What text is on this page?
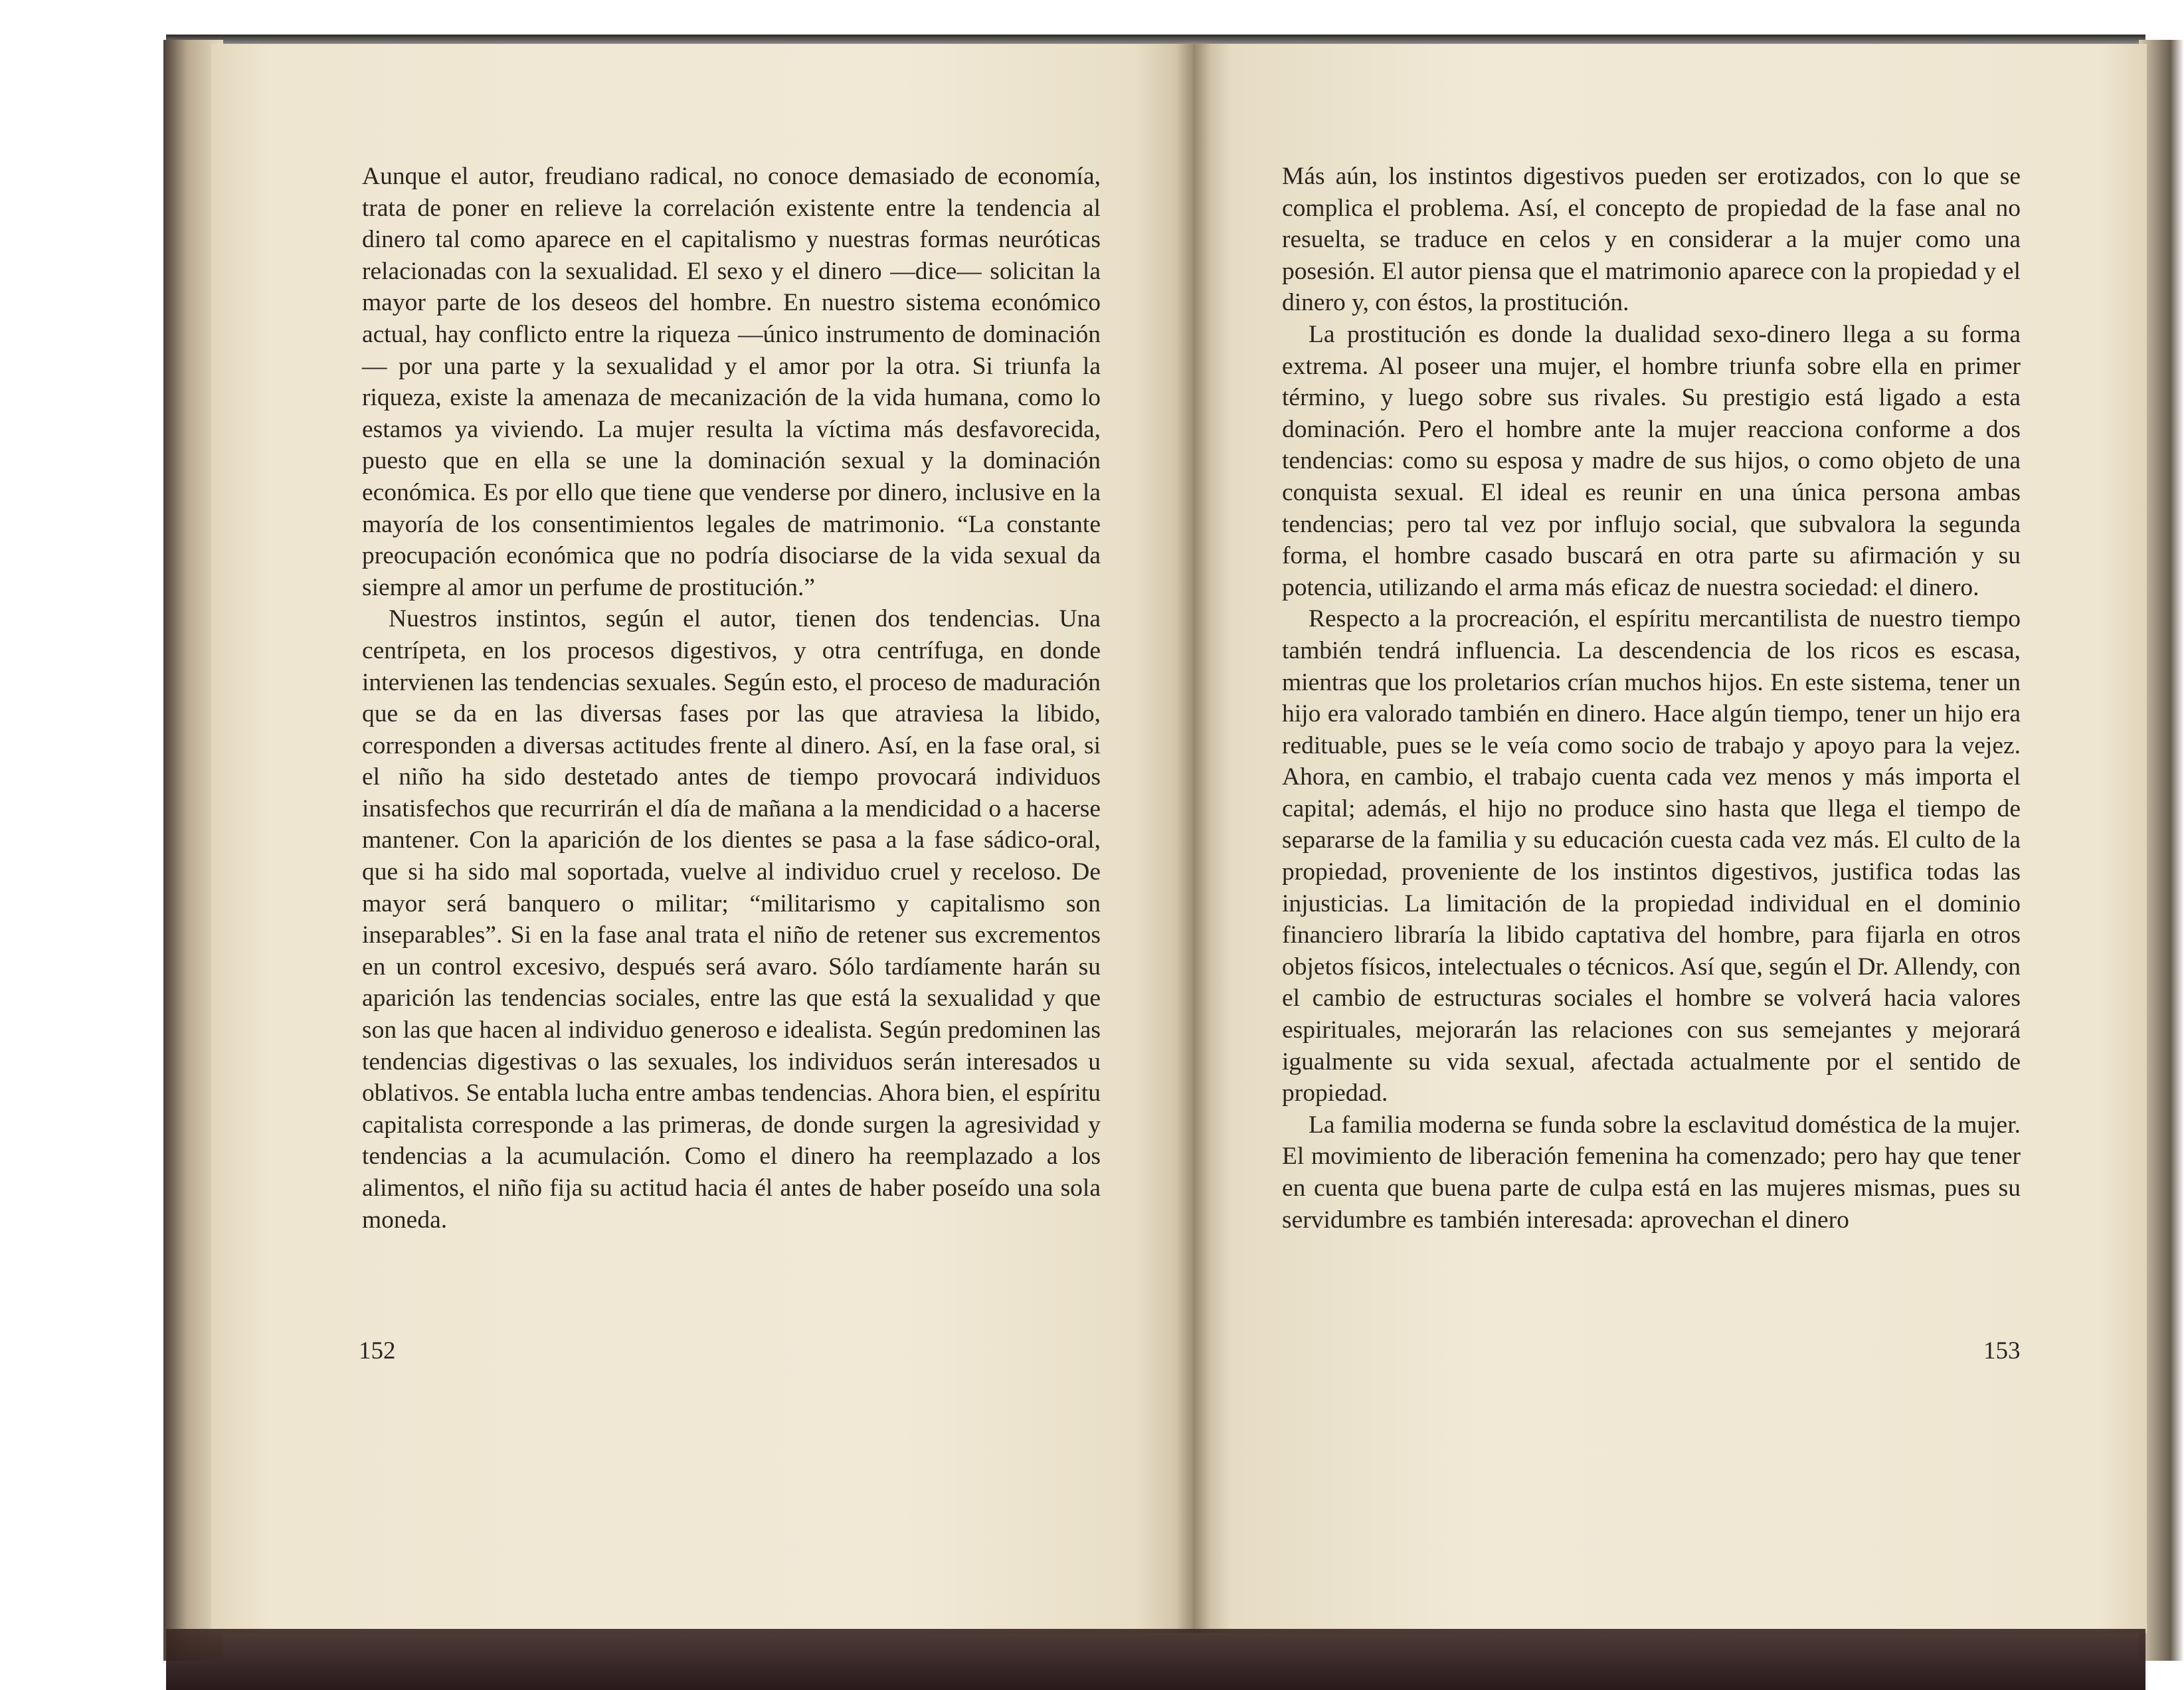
Aunque el autor, freudiano radical, no conoce demasiado de economía, trata de poner en relieve la correlación existente entre la tendencia al dinero tal como aparece en el capitalismo y nuestras formas neuróticas relacionadas con la sexualidad. El sexo y el dinero —dice— solicitan la mayor parte de los deseos del hombre. En nuestro sistema económico actual, hay conflicto entre la riqueza —único instrumento de dominación— por una parte y la sexualidad y el amor por la otra. Si triunfa la riqueza, existe la amenaza de mecanización de la vida humana, como lo estamos ya viviendo. La mujer resulta la víctima más desfavorecida, puesto que en ella se une la dominación sexual y la dominación económica. Es por ello que tiene que venderse por dinero, inclusive en la mayoría de los consentimientos legales de matrimonio. “La constante preocupación económica que no podría disociarse de la vida sexual da siempre al amor un perfume de prostitución.”

Nuestros instintos, según el autor, tienen dos tendencias. Una centrípeta, en los procesos digestivos, y otra centrífuga, en donde intervienen las tendencias sexuales. Según esto, el proceso de maduración que se da en las diversas fases por las que atraviesa la libido, corresponden a diversas actitudes frente al dinero. Así, en la fase oral, si el niño ha sido destetado antes de tiempo provocará individuos insatisfechos que recurrirán el día de mañana a la mendicidad o a hacerse mantener. Con la aparición de los dientes se pasa a la fase sádico-oral, que si ha sido mal soportada, vuelve al individuo cruel y receloso. De mayor será banquero o militar; “militarismo y capitalismo son inseparables”. Si en la fase anal trata el niño de retener sus excrementos en un control excesivo, después será avaro. Sólo tardíamente harán su aparición las tendencias sociales, entre las que está la sexualidad y que son las que hacen al individuo generoso e idealista. Según predominen las tendencias digestivas o las sexuales, los individuos serán interesados u oblativos. Se entabla lucha entre ambas tendencias. Ahora bien, el espíritu capitalista corresponde a las primeras, de donde surgen la agresividad y tendencias a la acumulación. Como el dinero ha reemplazado a los alimentos, el niño fija su actitud hacia él antes de haber poseído una sola moneda.

Más aún, los instintos digestivos pueden ser erotizados, con lo que se complica el problema. Así, el concepto de propiedad de la fase anal no resuelta, se traduce en celos y en considerar a la mujer como una posesión. El autor piensa que el matrimonio aparece con la propiedad y el dinero y, con éstos, la prostitución.

La prostitución es donde la dualidad sexo-dinero llega a su forma extrema. Al poseer una mujer, el hombre triunfa sobre ella en primer término, y luego sobre sus rivales. Su prestigio está ligado a esta dominación. Pero el hombre ante la mujer reacciona conforme a dos tendencias: como su esposa y madre de sus hijos, o como objeto de una conquista sexual. El ideal es reunir en una única persona ambas tendencias; pero tal vez por influjo social, que subvalora la segunda forma, el hombre casado buscará en otra parte su afirmación y su potencia, utilizando el arma más eficaz de nuestra sociedad: el dinero.

Respecto a la procreación, el espíritu mercantilista de nuestro tiempo también tendrá influencia. La descendencia de los ricos es escasa, mientras que los proletarios crían muchos hijos. En este sistema, tener un hijo era valorado también en dinero. Hace algún tiempo, tener un hijo era redituable, pues se le veía como socio de trabajo y apoyo para la vejez. Ahora, en cambio, el trabajo cuenta cada vez menos y más importa el capital; además, el hijo no produce sino hasta que llega el tiempo de separarse de la familia y su educación cuesta cada vez más. El culto de la propiedad, proveniente de los instintos digestivos, justifica todas las injusticias. La limitación de la propiedad individual en el dominio financiero libraría la libido captativa del hombre, para fijarla en otros objetos físicos, intelectuales o técnicos. Así que, según el Dr. Allendy, con el cambio de estructuras sociales el hombre se volverá hacia valores espirituales, mejorarán las relaciones con sus semejantes y mejorará igualmente su vida sexual, afectada actualmente por el sentido de propiedad.

La familia moderna se funda sobre la esclavitud doméstica de la mujer. El movimiento de liberación femenina ha comenzado; pero hay que tener en cuenta que buena parte de culpa está en las mujeres mismas, pues su servidumbre es también interesada: aprovechan el dinero

152	153
